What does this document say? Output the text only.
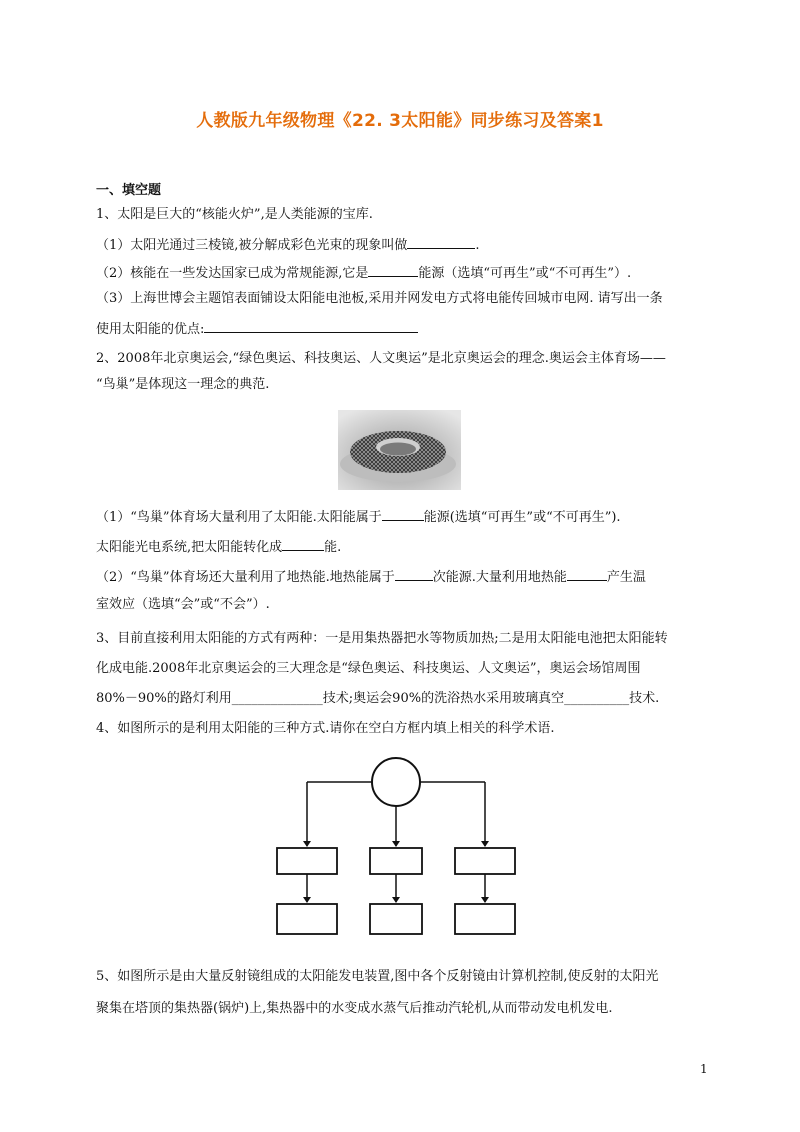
人教版九年级物理《22. 3太阳能》同步练习及答案1
一、填空题
1、太阳是巨大的“核能火炉”,是人类能源的宝库.
（1）太阳光通过三棱镜,被分解成彩色光束的现象叫做	.
（2）核能在一些发达国家已成为常规能源,它是	能源（选填“可再生”或“不可再生”）.
（3）上海世博会主题馆表面铺设太阳能电池板,采用并网发电方式将电能传回城市电网. 请写出一条
使用太阳能的优点:
2、2008年北京奥运会,“绿色奥运、科技奥运、人文奥运”是北京奥运会的理念.奥运会主体育场——
“鸟巢”是体现这一理念的典范.
（1）“鸟巢”体育场大量利用了太阳能.太阳能属于	能源(选填“可再生”或“不可再生”).
太阳能光电系统,把太阳能转化成	能.
（2）“鸟巢”体育场还大量利用了地热能.地热能属于	次能源.大量利用地热能	产生温
室效应（选填“会”或“不会”）.
3、目前直接利用太阳能的方式有两种：一是用集热器把水等物质加热;二是用太阳能电池把太阳能转
化成电能.2008年北京奥运会的三大理念是“绿色奥运、科技奥运、人文奥运”，奥运会场馆周围
80%－90%的路灯利用______________技术;奥运会90%的洗浴热水采用玻璃真空__________技术.
4、如图所示的是利用太阳能的三种方式.请你在空白方框内填上相关的科学术语.
5、如图所示是由大量反射镜组成的太阳能发电装置,图中各个反射镜由计算机控制,使反射的太阳光
聚集在塔顶的集热器(锅炉)上,集热器中的水变成水蒸气后推动汽轮机,从而带动发电机发电.
1
